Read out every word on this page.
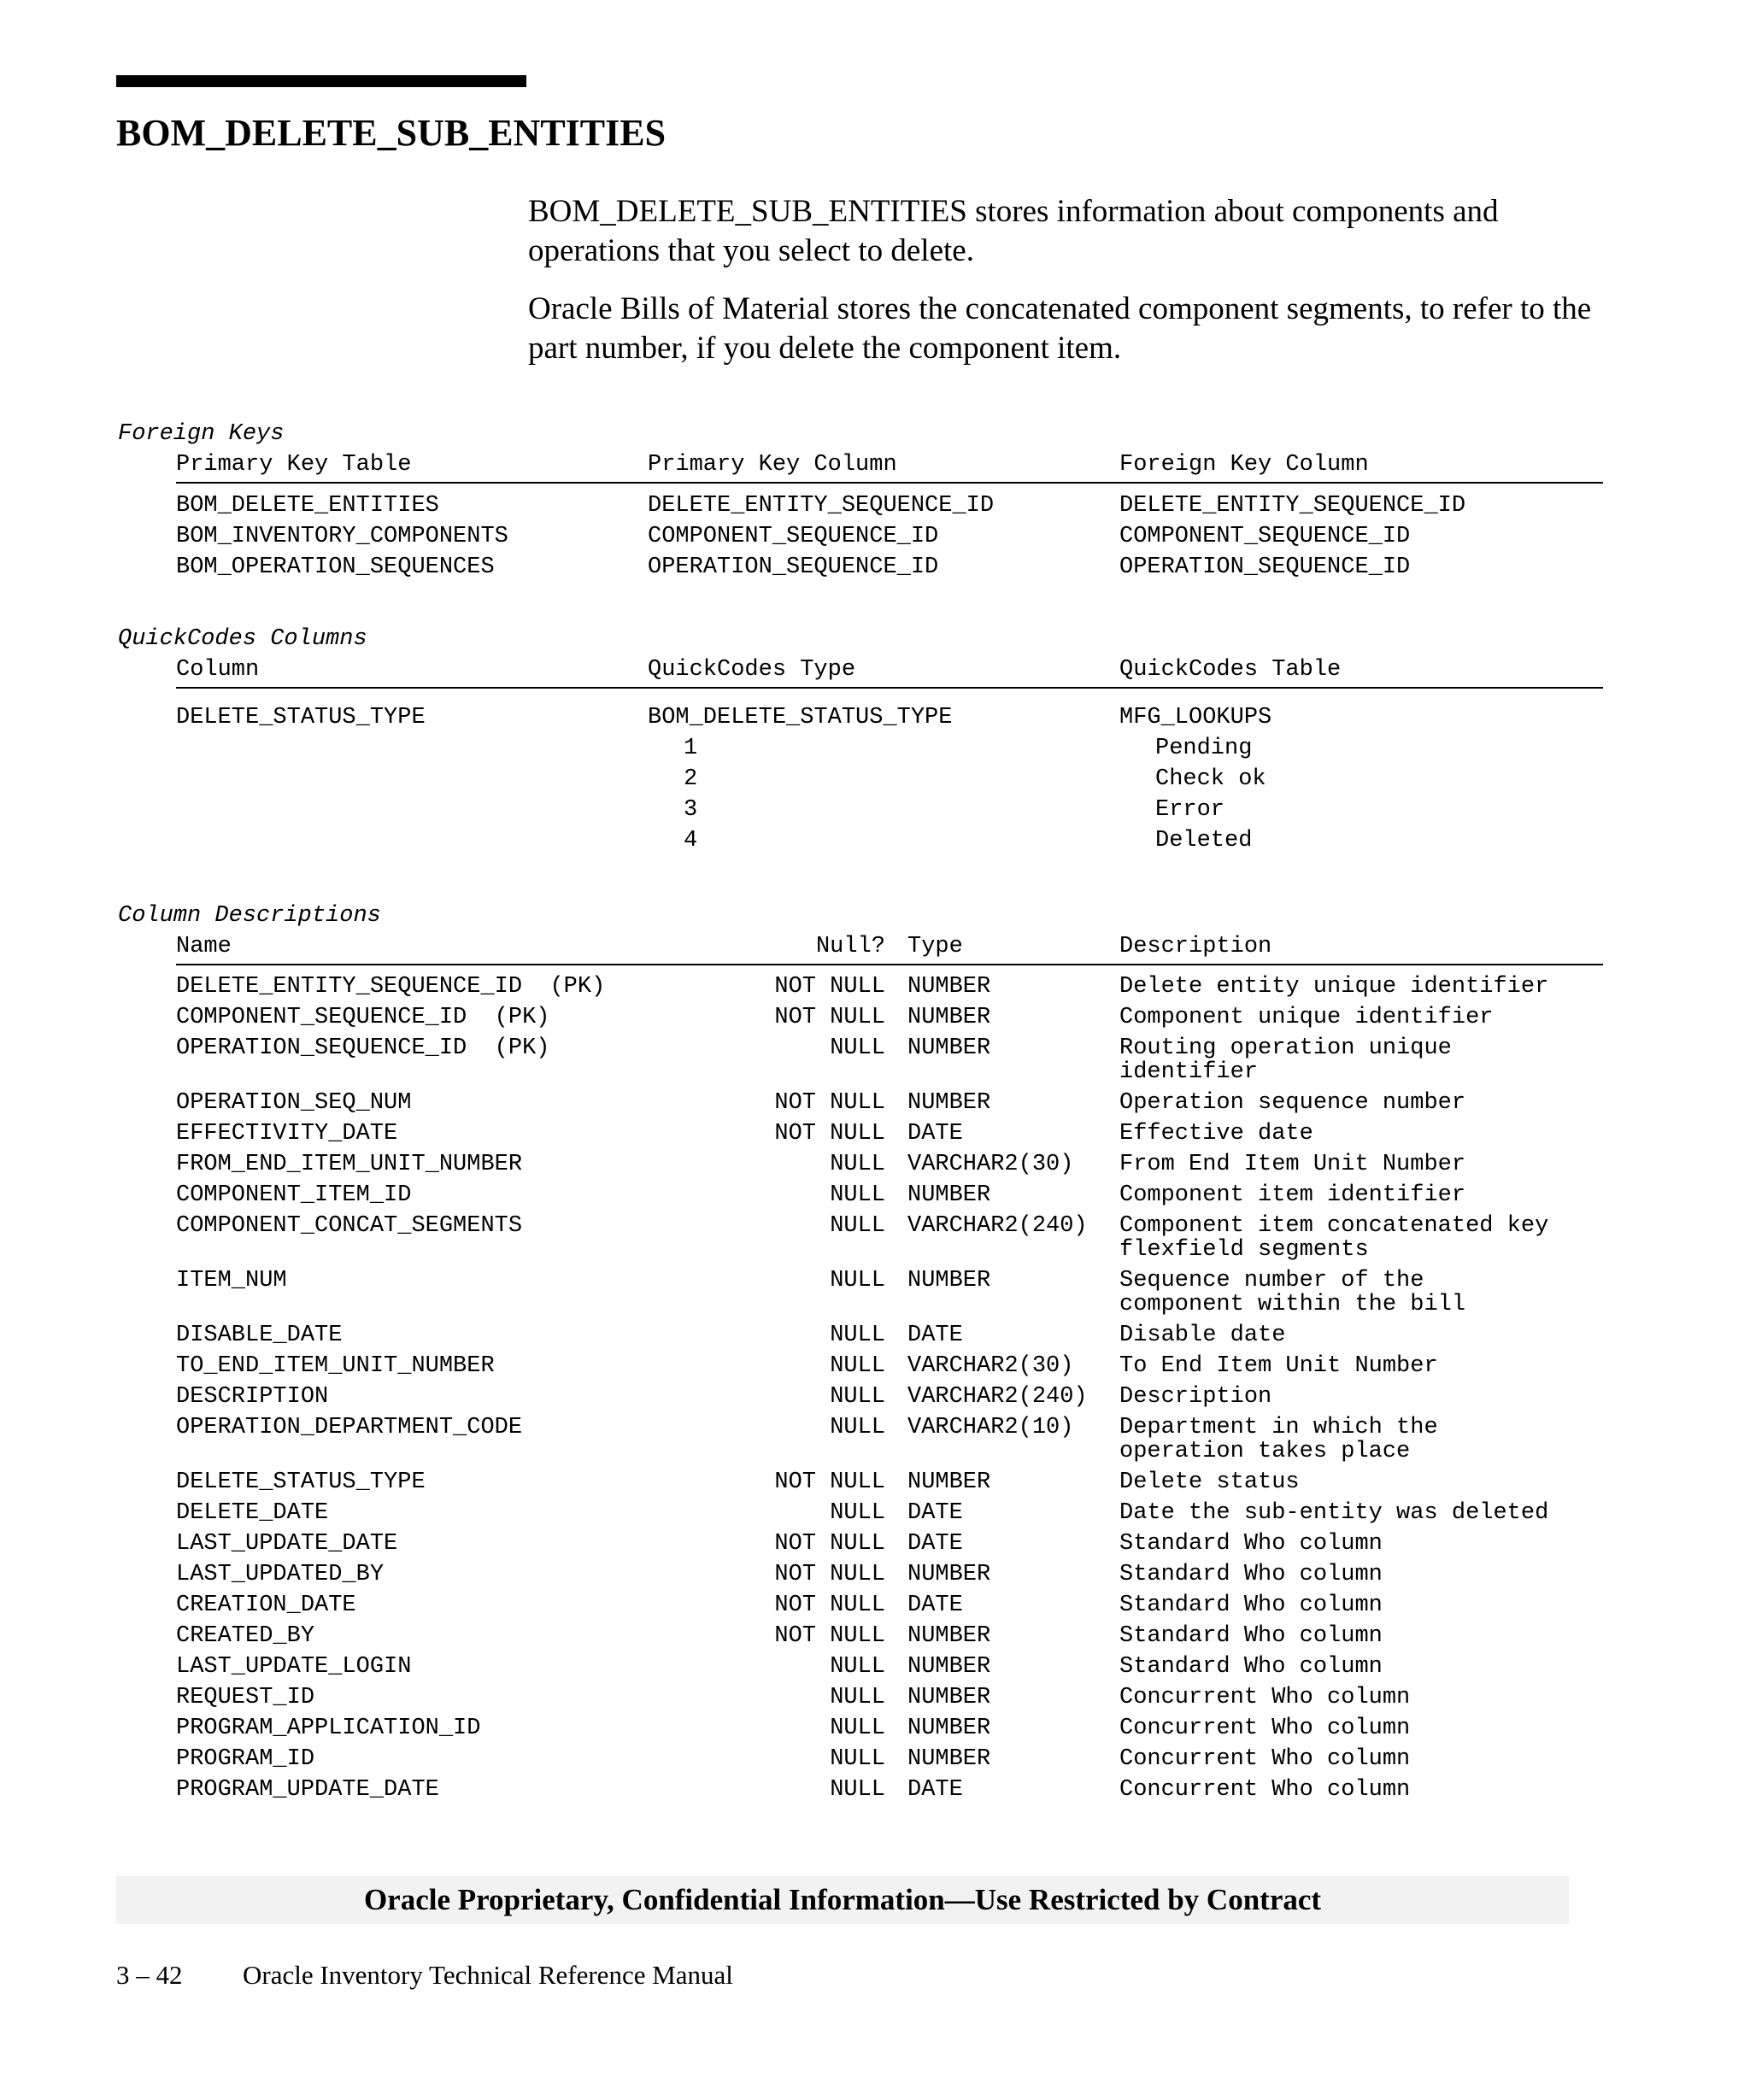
BOM_DELETE_SUB_ENTITIES

BOM_DELETE_SUB_ENTITIES stores information about components and operations that you select to delete.

Oracle Bills of Material stores the concatenated component segments, to refer to the part number, if you delete the component item.

Foreign Keys
Primary Key Table	Primary Key Column	Foreign Key Column
BOM_DELETE_ENTITIES	DELETE_ENTITY_SEQUENCE_ID	DELETE_ENTITY_SEQUENCE_ID
BOM_INVENTORY_COMPONENTS	COMPONENT_SEQUENCE_ID	COMPONENT_SEQUENCE_ID
BOM_OPERATION_SEQUENCES	OPERATION_SEQUENCE_ID	OPERATION_SEQUENCE_ID
QuickCodes Columns
Column	QuickCodes Type	QuickCodes Table
DELETE_STATUS_TYPE	BOM_DELETE_STATUS_TYPE	MFG_LOOKUPS
1	Pending
2	Check ok
3	Error
4	Deleted
Column Descriptions
Name	Null? Type	Description
DELETE_ENTITY_SEQUENCE_ID  (PK)	NOT NULL NUMBER	Delete entity unique identifier
COMPONENT_SEQUENCE_ID  (PK)	NOT NULL NUMBER	Component unique identifier
OPERATION_SEQUENCE_ID  (PK)	NULL NUMBER	Routing operation unique
identifier
OPERATION_SEQ_NUM	NOT NULL NUMBER	Operation sequence number
EFFECTIVITY_DATE	NOT NULL DATE	Effective date
FROM_END_ITEM_UNIT_NUMBER	NULL VARCHAR2(30) From End Item Unit Number
COMPONENT_ITEM_ID	NULL NUMBER	Component item identifier
COMPONENT_CONCAT_SEGMENTS	NULL VARCHAR2(240) Component item concatenated key
flexfield segments
ITEM_NUM	NULL NUMBER	Sequence number of the
component within the bill
DISABLE_DATE	NULL DATE	Disable date
TO_END_ITEM_UNIT_NUMBER	NULL VARCHAR2(30) To End Item Unit Number
DESCRIPTION	NULL VARCHAR2(240) Description
OPERATION_DEPARTMENT_CODE	NULL VARCHAR2(10) Department in which the
operation takes place
DELETE_STATUS_TYPE	NOT NULL NUMBER	Delete status
DELETE_DATE	NULL DATE	Date the sub-entity was deleted
LAST_UPDATE_DATE	NOT NULL DATE	Standard Who column
LAST_UPDATED_BY	NOT NULL NUMBER	Standard Who column
CREATION_DATE	NOT NULL DATE	Standard Who column
CREATED_BY	NOT NULL NUMBER	Standard Who column
LAST_UPDATE_LOGIN	NULL NUMBER	Standard Who column
REQUEST_ID	NULL NUMBER	Concurrent Who column
PROGRAM_APPLICATION_ID	NULL NUMBER	Concurrent Who column
PROGRAM_ID	NULL NUMBER	Concurrent Who column
PROGRAM_UPDATE_DATE	NULL DATE	Concurrent Who column
Oracle Proprietary, Confidential Information––Use Restricted by Contract
3 – 42 Oracle Inventory Technical Reference Manual
